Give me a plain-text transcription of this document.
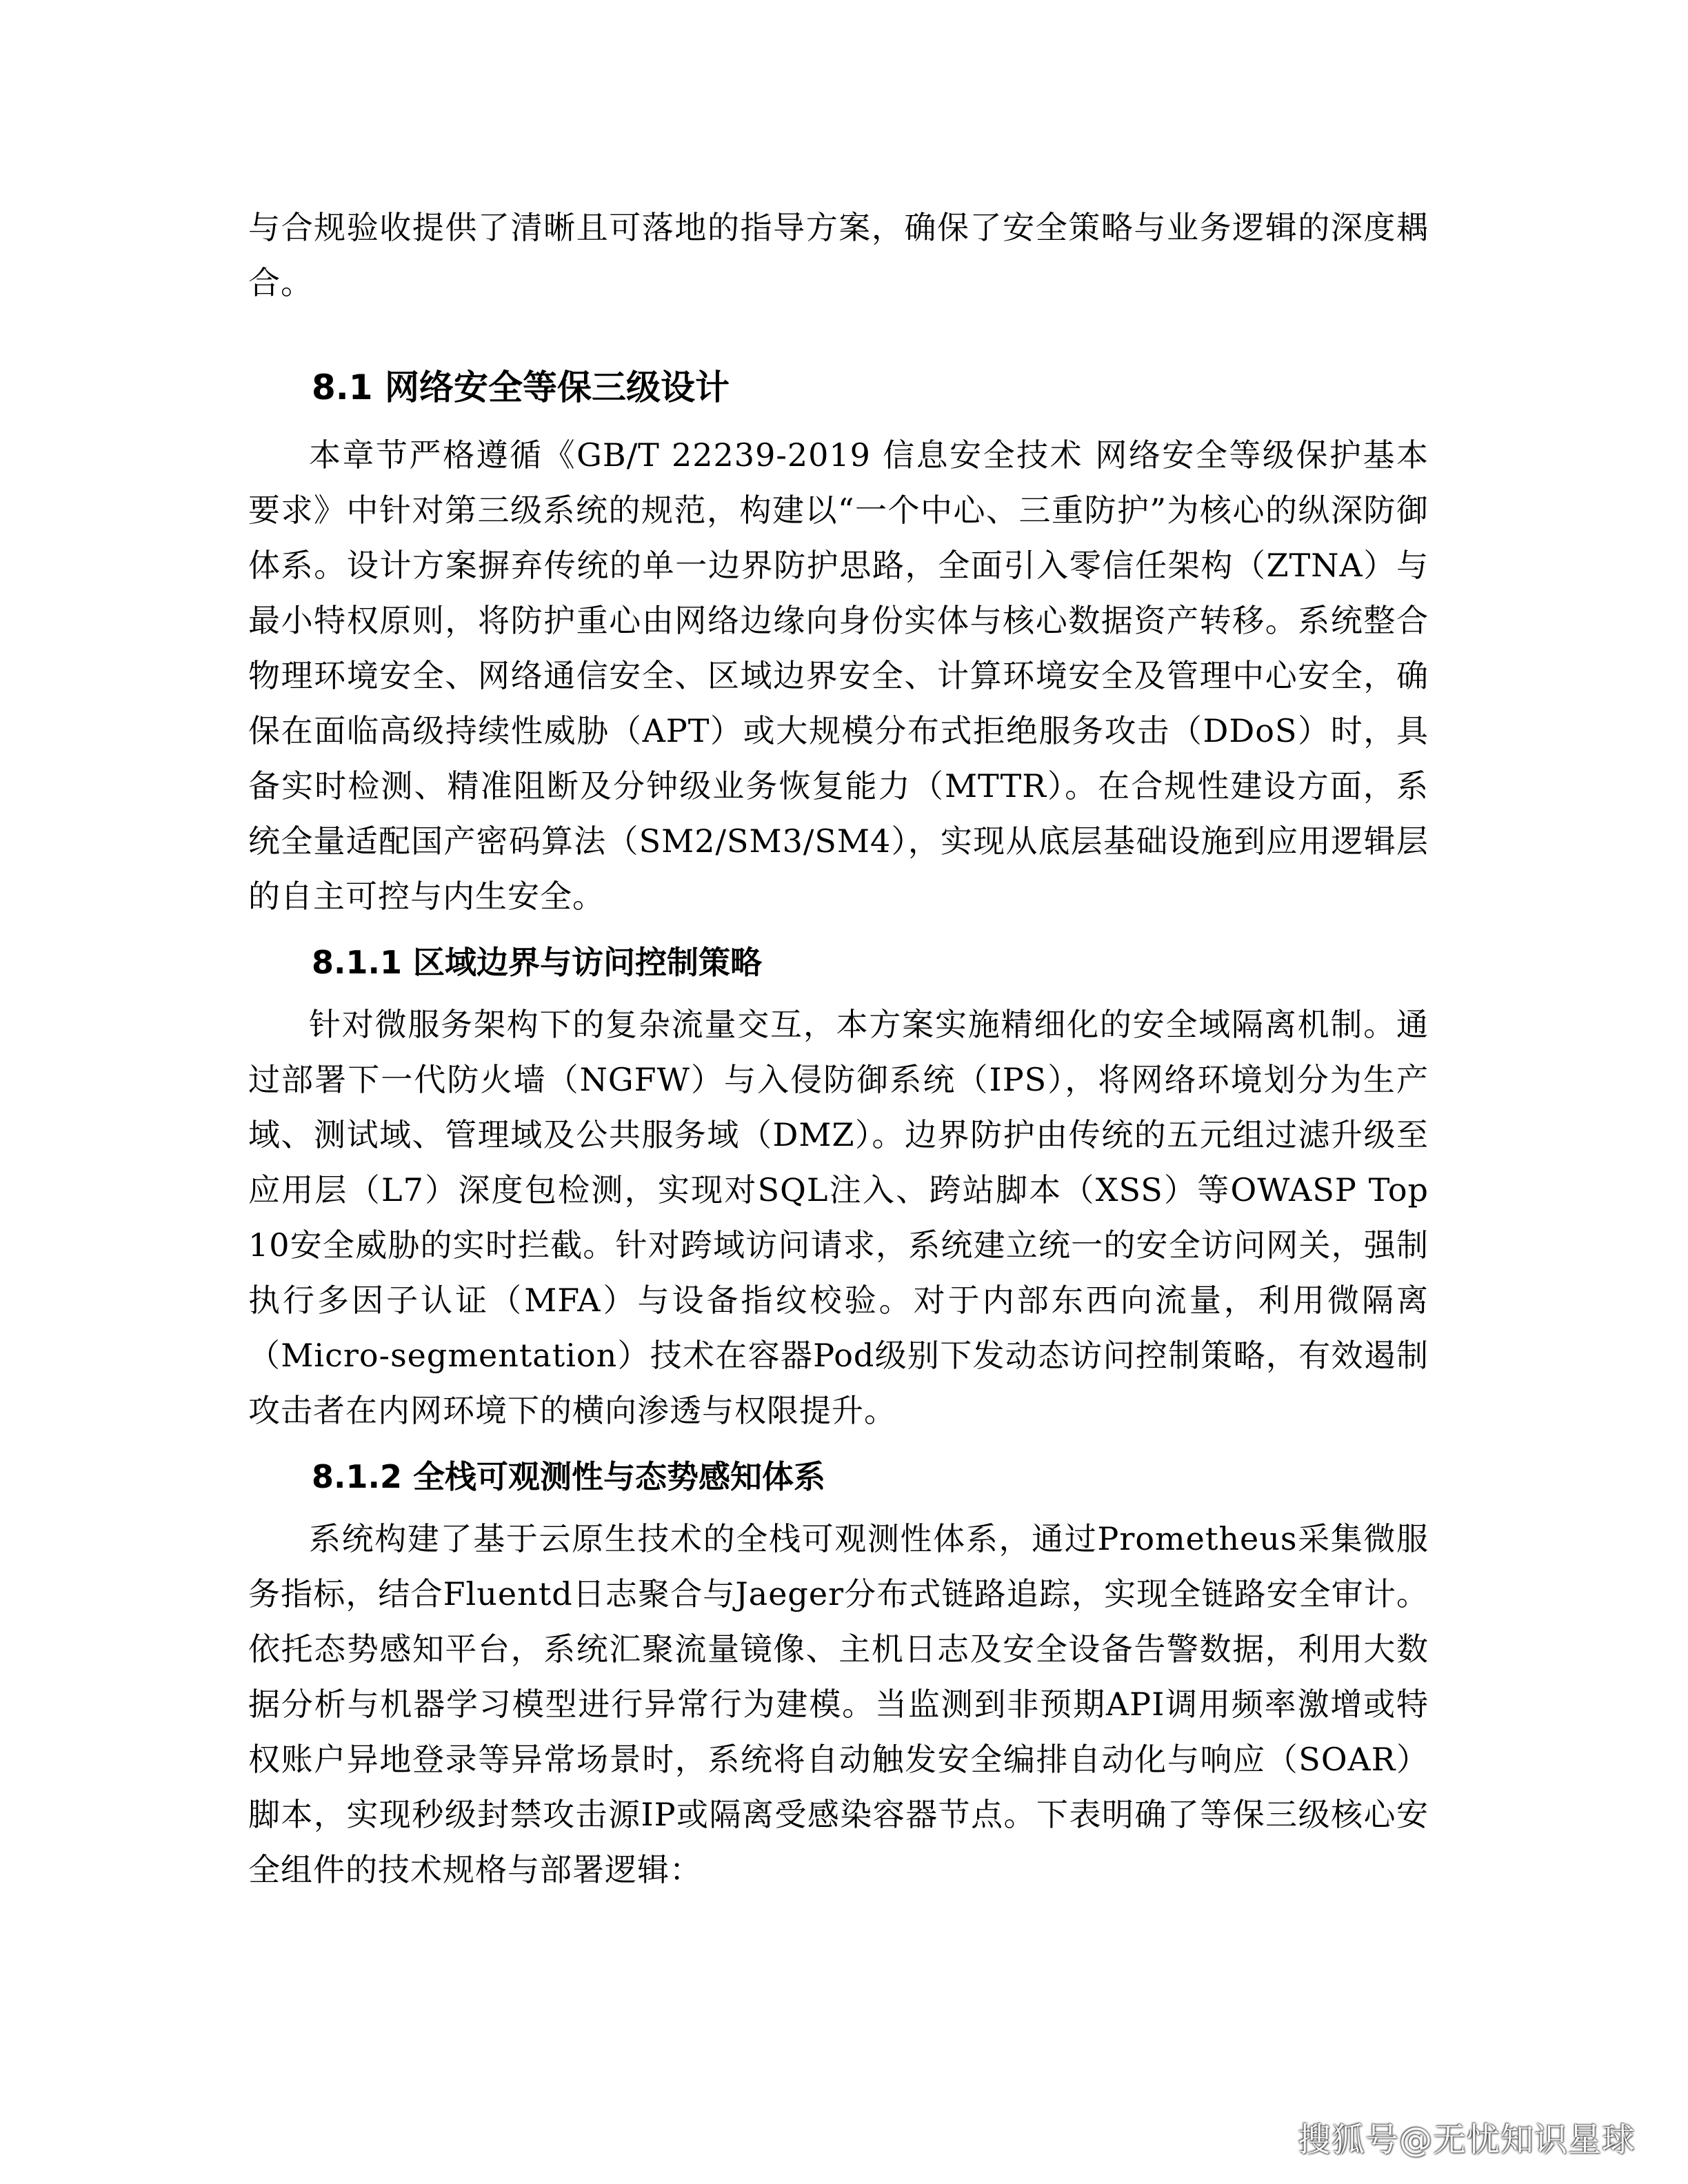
与合规验收提供了清晰且可落地的指导方案，确保了安全策略与业务逻辑的深度耦合。

8.1 网络安全等保三级设计

本章节严格遵循《GB/T 22239-2019 信息安全技术 网络安全等级保护基本要求》中针对第三级系统的规范，构建以“一个中心、三重防护”为核心的纵深防御体系。设计方案摒弃传统的单一边界防护思路，全面引入零信任架构（ZTNA）与最小特权原则，将防护重心由网络边缘向身份实体与核心数据资产转移。系统整合物理环境安全、网络通信安全、区域边界安全、计算环境安全及管理中心安全，确保在面临高级持续性威胁（APT）或大规模分布式拒绝服务攻击（DDoS）时，具备实时检测、精准阻断及分钟级业务恢复能力（MTTR）。在合规性建设方面，系统全量适配国产密码算法（SM2/SM3/SM4），实现从底层基础设施到应用逻辑层的自主可控与内生安全。

8.1.1 区域边界与访问控制策略

针对微服务架构下的复杂流量交互，本方案实施精细化的安全域隔离机制。通过部署下一代防火墙（NGFW）与入侵防御系统（IPS），将网络环境划分为生产域、测试域、管理域及公共服务域（DMZ）。边界防护由传统的五元组过滤升级至应用层（L7）深度包检测，实现对SQL注入、跨站脚本（XSS）等OWASP Top 10安全威胁的实时拦截。针对跨域访问请求，系统建立统一的安全访问网关，强制执行多因子认证（MFA）与设备指纹校验。对于内部东西向流量，利用微隔离（Micro-segmentation）技术在容器Pod级别下发动态访问控制策略，有效遏制攻击者在内网环境下的横向渗透与权限提升。

8.1.2 全栈可观测性与态势感知体系

系统构建了基于云原生技术的全栈可观测性体系，通过Prometheus采集微服务指标，结合Fluentd日志聚合与Jaeger分布式链路追踪，实现全链路安全审计。依托态势感知平台，系统汇聚流量镜像、主机日志及安全设备告警数据，利用大数据分析与机器学习模型进行异常行为建模。当监测到非预期API调用频率激增或特权账户异地登录等异常场景时，系统将自动触发安全编排自动化与响应（SOAR）脚本，实现秒级封禁攻击源IP或隔离受感染容器节点。下表明确了等保三级核心安全组件的技术规格与部署逻辑：

搜狐号@无忧知识星球
